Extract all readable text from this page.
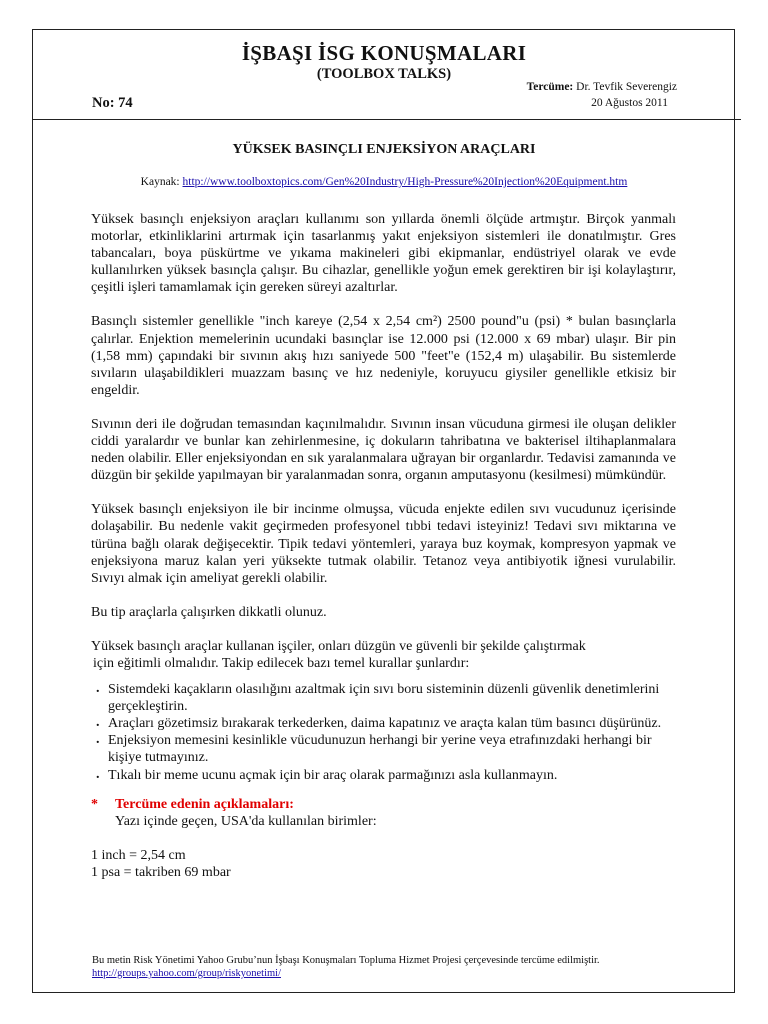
İŞBAŞI İSG KONUŞMALARI
(TOOLBOX TALKS)
Tercüme: Dr. Tevfik Severengiz
No: 74	20 Ağustos 2011
YÜKSEK BASINÇLI ENJEKSİYON ARAÇLARI
Kaynak: http://www.toolboxtopics.com/Gen%20Industry/High-Pressure%20Injection%20Equipment.htm

Yüksek basınçlı enjeksiyon araçları kullanımı son yıllarda önemli ölçüde artmıştır. Birçok yanmalı motorlar, etkinliklarini artırmak için tasarlanmış yakıt enjeksiyon sistemleri ile donatılmıştır. Gres tabancaları, boya püskürtme ve yıkama makineleri gibi ekipmanlar, endüstriyel olarak ve evde kullanılırken yüksek basınçla çalışır. Bu cihazlar, genellikle yoğun emek gerektiren bir işi kolaylaştırır, çeşitli işleri tamamlamak için gereken süreyi azaltırlar.

Basınçlı sistemler genellikle "inch kareye (2,54 x 2,54 cm²) 2500 pound"u (psi) * bulan basınçlarla çalırlar. Enjektion memelerinin ucundaki basınçlar ise 12.000 psi (12.000 x 69 mbar) ulaşır. Bir pin (1,58 mm) çapındaki bir sıvının akış hızı saniyede 500 "feet"e (152,4 m) ulaşabilir. Bu sistemlerde sıvıların ulaşabildikleri muazzam basınç ve hız nedeniyle, koruyucu giysiler genellikle etkisiz bir engeldir.

Sıvının deri ile doğrudan temasından kaçınılmalıdır. Sıvının insan vücuduna girmesi ile oluşan delikler ciddi yaralardır ve bunlar kan zehirlenmesine, iç dokuların tahribatına ve bakterisel iltihaplanmalara neden olabilir. Eller enjeksiyondan en sık yaralanmalara uğrayan bir organlardır. Tedavisi zamanında ve düzgün bir şekilde yapılmayan bir yaralanmadan sonra, organın amputasyonu (kesilmesi) mümkündür.

Yüksek basınçlı enjeksiyon ile bir incinme olmuşsa, vücuda enjekte edilen sıvı vucudunuz içerisinde dolaşabilir. Bu nedenle vakit geçirmeden profesyonel tıbbi tedavi isteyiniz! Tedavi sıvı miktarına ve türüna bağlı olarak değişecektir. Tipik tedavi yöntemleri, yaraya buz koymak, kompresyon yapmak ve enjeksiyona maruz kalan yeri yüksekte tutmak olabilir. Tetanoz veya antibiyotik iğnesi vurulabilir. Sıvıyı almak için ameliyat gerekli olabilir.

Bu tip araçlarla çalışırken dikkatli olunuz.

Yüksek basınçlı araçlar kullanan işçiler, onları düzgün ve güvenli bir şekilde çalıştırmak
için eğitimli olmalıdır. Takip edilecek bazı temel kurallar şunlardır:

. Sistemdeki kaçakların olasılığını azaltmak için sıvı boru sisteminin düzenli güvenlik denetimlerini gerçekleştirin.
. Araçları gözetimsiz bırakarak terkederken, daima kapatınız ve araçta kalan tüm basıncı düşürünüz.
. Enjeksiyon memesini kesinlikle vücudunuzun herhangi bir yerine veya etrafınızdaki herhangi bir kişiye tutmayınız.
. Tıkalı bir meme ucunu açmak için bir araç olarak parmağınızı asla kullanmayın.
* Tercüme edenin açıklamaları:
Yazı içinde geçen, USA'da kullanılan birimler:
1 inch = 2,54 cm
1 psa = takriben 69 mbar
Bu metin Risk Yönetimi Yahoo Grubu’nun İşbaşı Konuşmaları Topluma Hizmet Projesi çerçevesinde tercüme edilmiştir.
http://groups.yahoo.com/group/riskyonetimi/
